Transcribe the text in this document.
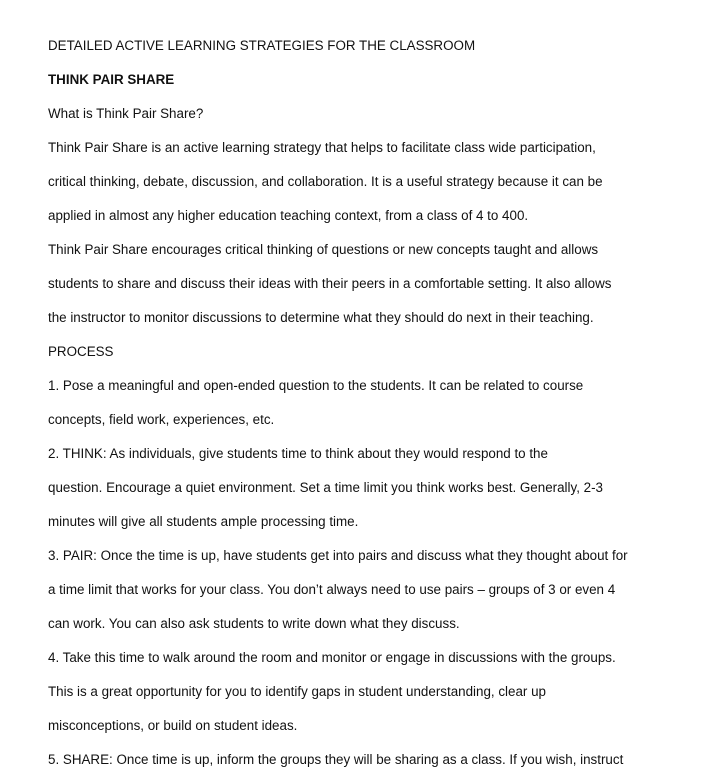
DETAILED ACTIVE LEARNING STRATEGIES FOR THE CLASSROOM
THINK PAIR SHARE
What is Think Pair Share?
Think Pair Share is an active learning strategy that helps to facilitate class wide participation,
critical thinking, debate, discussion, and collaboration. It is a useful strategy because it can be
applied in almost any higher education teaching context, from a class of 4 to 400.
Think Pair Share encourages critical thinking of questions or new concepts taught and allows
students to share and discuss their ideas with their peers in a comfortable setting. It also allows
the instructor to monitor discussions to determine what they should do next in their teaching.
PROCESS
1. Pose a meaningful and open-ended question to the students. It can be related to course
concepts, field work, experiences, etc.
2. THINK: As individuals, give students time to think about they would respond to the
question. Encourage a quiet environment. Set a time limit you think works best. Generally, 2-3
minutes will give all students ample processing time.
3. PAIR: Once the time is up, have students get into pairs and discuss what they thought about for
a time limit that works for your class. You don’t always need to use pairs – groups of 3 or even 4
can work. You can also ask students to write down what they discuss.
4. Take this time to walk around the room and monitor or engage in discussions with the groups.
This is a great opportunity for you to identify gaps in student understanding, clear up
misconceptions, or build on student ideas.
5. SHARE: Once time is up, inform the groups they will be sharing as a class. If you wish, instruct
